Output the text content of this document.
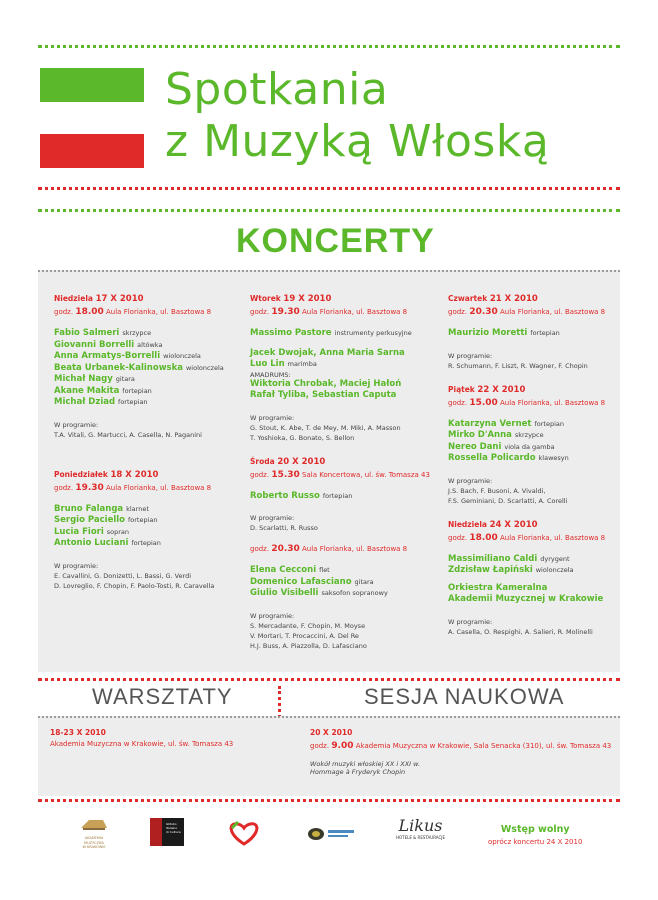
Spotkania
z Muzyką Włoską
KONCERTY

Niedziela 17 X 2010

godz. 18.00 Aula Florianka, ul. Basztowa 8

Fabio Salmeri skrzypce

Giovanni Borrelli altówka

Anna Armatys-Borrelli wiolonczela

Beata Urbanek-Kalinowska wiolonczela

Michał Nagy gitara

Akane Makita fortepian

Michał Dziad fortepian

W programie:

T.A. Vitali, G. Martucci, A. Casella, N. Paganini

Poniedziałek 18 X 2010

godz. 19.30 Aula Florianka, ul. Basztowa 8

Bruno Falanga klarnet

Sergio Paciello fortepian

Lucia Fiori sopran

Antonio Luciani fortepian

W programie:

E. Cavallini, G. Donizetti, L. Bassi, G. Verdi

D. Lovreglio, F. Chopin, F. Paolo-Tosti, R. Caravella

Wtorek 19 X 2010

godz. 19.30 Aula Florianka, ul. Basztowa 8

Massimo Pastore instrumenty perkusyjne

Jacek Dwojak, Anna Maria Sarna

Luo Lin marimba

AMADRUMS:

Wiktoria Chrobak, Maciej Hałoń

Rafał Tyliba, Sebastian Caputa

W programie:

G. Stout, K. Abe, T. de Mey, M. Miki, A. Masson

T. Yoshioka, G. Bonato, S. Bellon

Środa 20 X 2010

godz. 15.30 Sala Koncertowa, ul. św. Tomasza 43

Roberto Russo fortepian

W programie:

D. Scarlatti, R. Russo

godz. 20.30 Aula Florianka, ul. Basztowa 8

Elena Cecconi flet

Domenico Lafasciano gitara

Giulio Visibelli saksofon sopranowy

W programie:

S. Mercadante, F. Chopin, M. Moyse

V. Mortari, T. Procaccini, A. Del Re

H.J. Buss, A. Piazzolla, D. Lafasciano

Czwartek 21 X 2010

godz. 20.30 Aula Florianka, ul. Basztowa 8

Maurizio Moretti fortepian

W programie:

R. Schumann, F. Liszt, R. Wagner, F. Chopin

Piątek 22 X 2010

godz. 15.00 Aula Florianka, ul. Basztowa 8

Katarzyna Vernet fortepian

Mirko D'Anna skrzypce

Nereo Dani viola da gamba

Rossella Policardo klawesyn

W programie:

J.S. Bach, F. Busoni, A. Vivaldi,

F.S. Geminiani, D. Scarlatti, A. Corelli

Niedziela 24 X 2010

godz. 18.00 Aula Florianka, ul. Basztowa 8

Massimiliano Caldi dyrygent

Zdzisław Łapiński wiolonczela

Orkiestra Kameralna

Akademii Muzycznej w Krakowie

W programie:

A. Casella, O. Respighi, A. Salieri, R. Molinelli

WARSZTATY	SESJA NAUKOWA

18-23 X 2010

Akademia Muzyczna w Krakowie, ul. św. Tomasza 43

20 X 2010

godz. 9.00 Akademia Muzyczna w Krakowie, Sala Senacka (310), ul. św. Tomasza 43

Wokół muzyki włoskiej XX i XXI w.

Hommage à Fryderyk Chopin

AKADEMIA
MUZYCZNA
W KRAKOWIE
Istituto
Italiano
di Cultura	Likus
HOTELE & RESTAURACJE
Wstęp wolny
oprócz koncertu 24 X 2010
